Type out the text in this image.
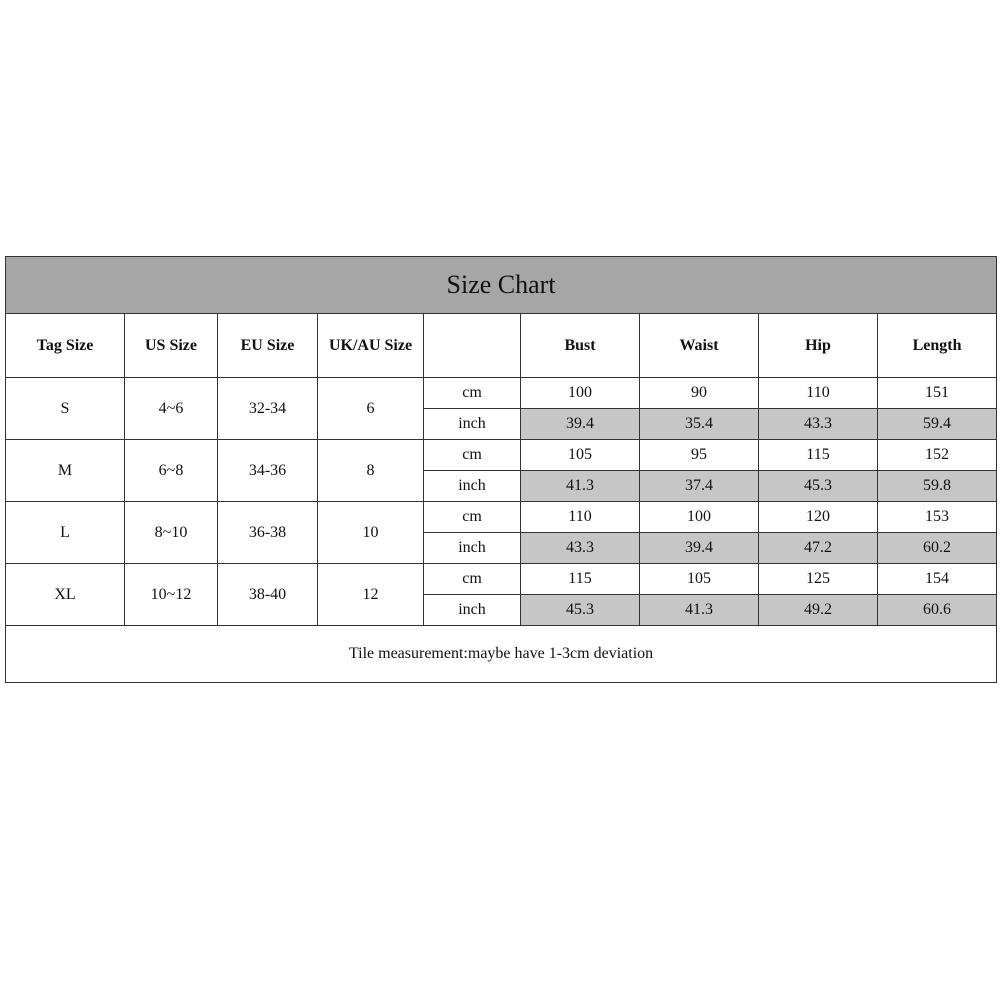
Size Chart								
Tag Size	US Size	EU Size	UK/AU Size		Bust	Waist	Hip	Length
S	4~6	32-34	6	cm	100	90	110	151
				inch	39.4	35.4	43.3	59.4
M	6~8	34-36	8	cm	105	95	115	152
				inch	41.3	37.4	45.3	59.8
L	8~10	36-38	10	cm	110	100	120	153
				inch	43.3	39.4	47.2	60.2
XL	10~12	38-40	12	cm	115	105	125	154
				inch	45.3	41.3	49.2	60.6
Tile measurement:maybe have 1-3cm deviation								
